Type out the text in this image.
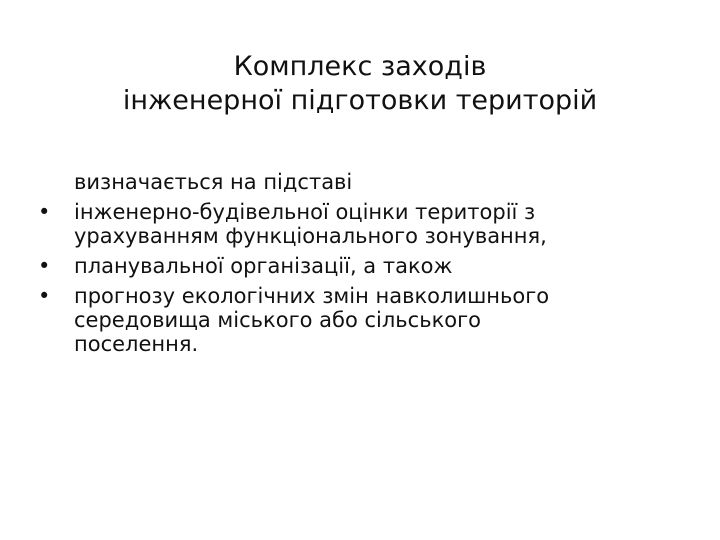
Комплекс заходів
інженерної підготовки територій

визначається на підставі

•	інженерно-будівельної оцінки території з
урахуванням функціонального зонування,
•	планувальної організації, а також
•	прогнозу екологічних змін навколишнього
середовища міського або сільського
поселення.
